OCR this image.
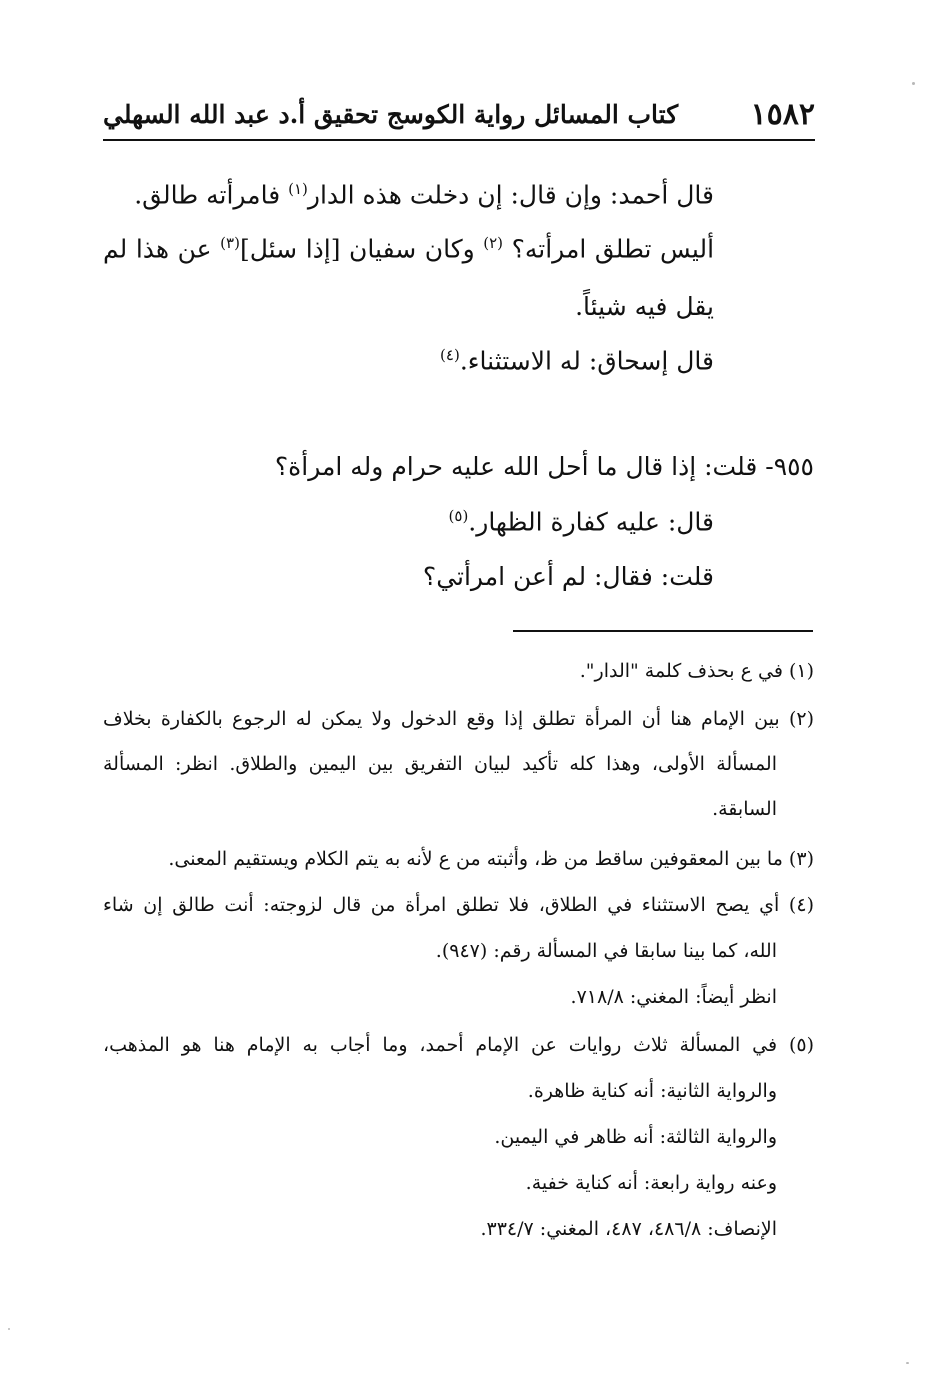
١٥٨٢
كتاب المسائل رواية الكوسج تحقيق أ.د عبد الله السهلي

قال أحمد: وإن قال: إن دخلت هذه الدار$^{(١)}$ فامرأته طالق.

أليس تطلق امرأته؟ $^{(٢)}$ وكان سفيان [إذا سئل]$^{(٣)}$ عن هذا لم

يقل فيه شيئاً.

قال إسحاق: له الاستثناء.$^{(٤)}$

٩٥٥- قلت: إذا قال ما أحل الله عليه حرام وله امرأة؟

قال: عليه كفارة الظهار.$^{(٥)}$

قلت: فقال: لم أعن امرأتي؟

(١) في ع بحذف كلمة "الدار".

(٢) بين الإمام هنا أن المرأة تطلق إذا وقع الدخول ولا يمكن له الرجوع بالكفارة بخلاف

المسألة الأولى، وهذا كله تأكيد لبيان التفريق بين اليمين والطلاق. انظر: المسألة

السابقة.

(٣) ما بين المعقوفين ساقط من ظ، وأثبته من ع لأنه به يتم الكلام ويستقيم المعنى.

(٤) أي يصح الاستثناء في الطلاق، فلا تطلق امرأة من قال لزوجته: أنت طالق إن شاء

الله، كما بينا سابقا في المسألة رقم: (٩٤٧).

انظر أيضاً: المغني: ٧١٨/٨.

(٥) في المسألة ثلاث روايات عن الإمام أحمد، وما أجاب به الإمام هنا هو المذهب،

والرواية الثانية: أنه كناية ظاهرة.

والرواية الثالثة: أنه ظاهر في اليمين.

وعنه رواية رابعة: أنه كناية خفية.

الإنصاف: ٤٨٦/٨، ٤٨٧، المغني: ٣٣٤/٧.
